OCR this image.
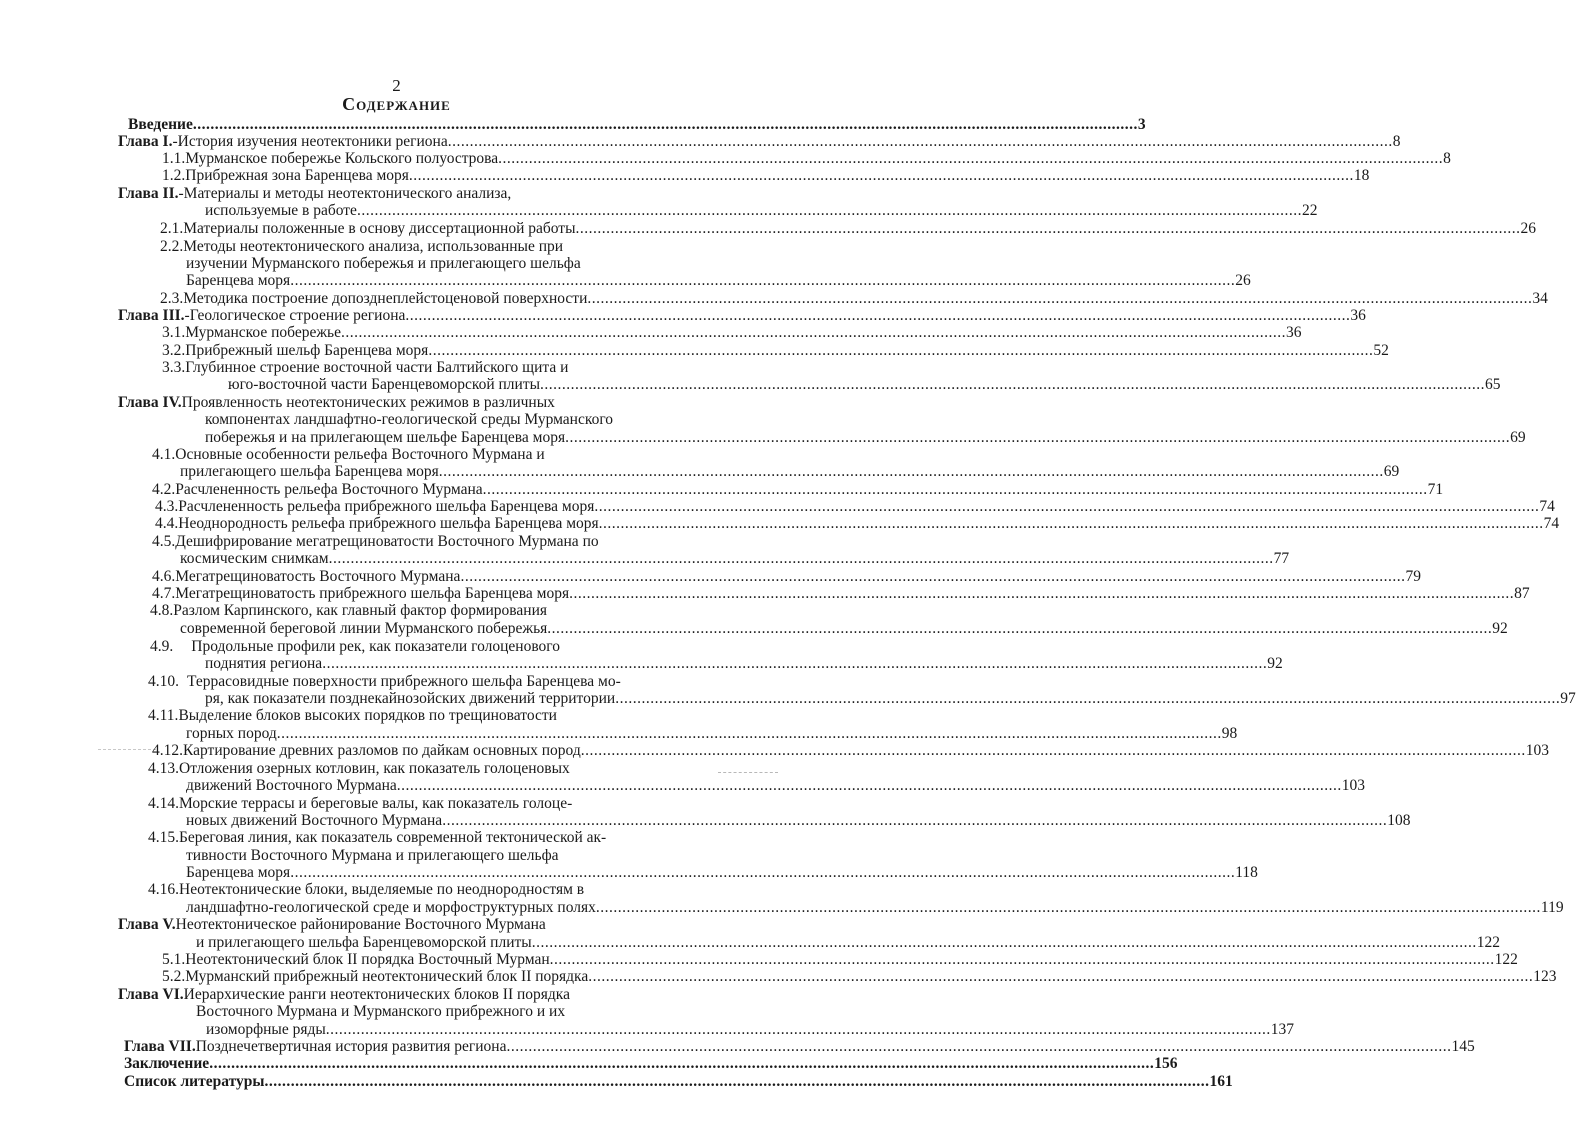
2
Содержание
Введение .....	3
Глава I. -История изучения неотектоники региона .....	8
1.1. Мурманское побережье Кольского полуострова .....	8
1.2. Прибрежная зона Баренцева моря .....	18
Глава II. -Материалы и методы неотектонического анализа,
используемые в работе .....	22
2.1. Материалы положенные в основу диссертационной работы .....	26
2.2. Методы неотектонического анализа, использованные при
изучении Мурманского побережья и прилегающего шельфа
Баренцева моря .....	26
2.3. Методика построение допозднеплейстоценовой поверхности .....	34
Глава III. -Геологическое строение региона .....	36
3.1. Мурманское побережье .....	36
3.2. Прибрежный шельф Баренцева моря .....	52
3.3. Глубинное строение восточной части Балтийского щита и
юго-восточной части Баренцевоморской плиты .....	65
Глава IV. Проявленность неотектонических режимов в различных
компонентах ландшафтно-геологической среды Мурманского
побережья и на прилегающем шельфе Баренцева моря .....	69
4.1. Основные особенности рельефа Восточного Мурмана и
прилегающего шельфа Баренцева моря .....	69
4.2. Расчлененность рельефа Восточного Мурмана .....	71
4.3. Расчлененность рельефа прибрежного шельфа Баренцева моря .....	74
4.4. Неоднородность рельефа прибрежного шельфа Баренцева моря .....	74
4.5. Дешифрирование мегатрещиноватости Восточного Мурмана по
космическим снимкам .....	77
4.6. Мегатрещиноватость Восточного Мурмана .....	79
4.7. Мегатрещиноватость прибрежного шельфа Баренцева моря .....	87
4.8. Разлом Карпинского, как главный фактор формирования
современной береговой линии Мурманского побережья .....	92
4.9. Продольные профили рек, как показатели голоценового
поднятия региона .....	92
4.10. Террасовидные поверхности прибрежного шельфа Баренцева мо-
ря, как показатели позднекайнозойских движений территории .....	97
4.11. Выделение блоков высоких порядков по трещиноватости
горных пород .....	98
4.12. Картирование древних разломов по дайкам основных пород .....	103
4.13. Отложения озерных котловин, как показатель голоценовых
движений Восточного Мурмана .....	103
4.14. Морские террасы и береговые валы, как показатель голоце-
новых движений Восточного Мурмана .....	108
4.15. Береговая линия, как показатель современной тектонической ак-
тивности Восточного Мурмана и прилегающего шельфа
Баренцева моря .....	118
4.16. Неотектонические блоки, выделяемые по неоднородностям в
ландшафтно-геологической среде и морфоструктурных полях .....	119
Глава V. Неотектоническое районирование Восточного Мурмана
и прилегающего шельфа Баренцевоморской плиты .....	122
5.1. Неотектонический блок II порядка Восточный Мурман .....	122
5.2. Мурманский прибрежный неотектонический блок II порядка .....	123
Глава VI. Иерархические ранги неотектонических блоков II порядка
Восточного Мурмана и Мурманского прибрежного и их
изоморфные ряды .....	137
Глава VII. Позднечетвертичная история развития региона .....	145
Заключение .....	156
Список литературы .....	161
